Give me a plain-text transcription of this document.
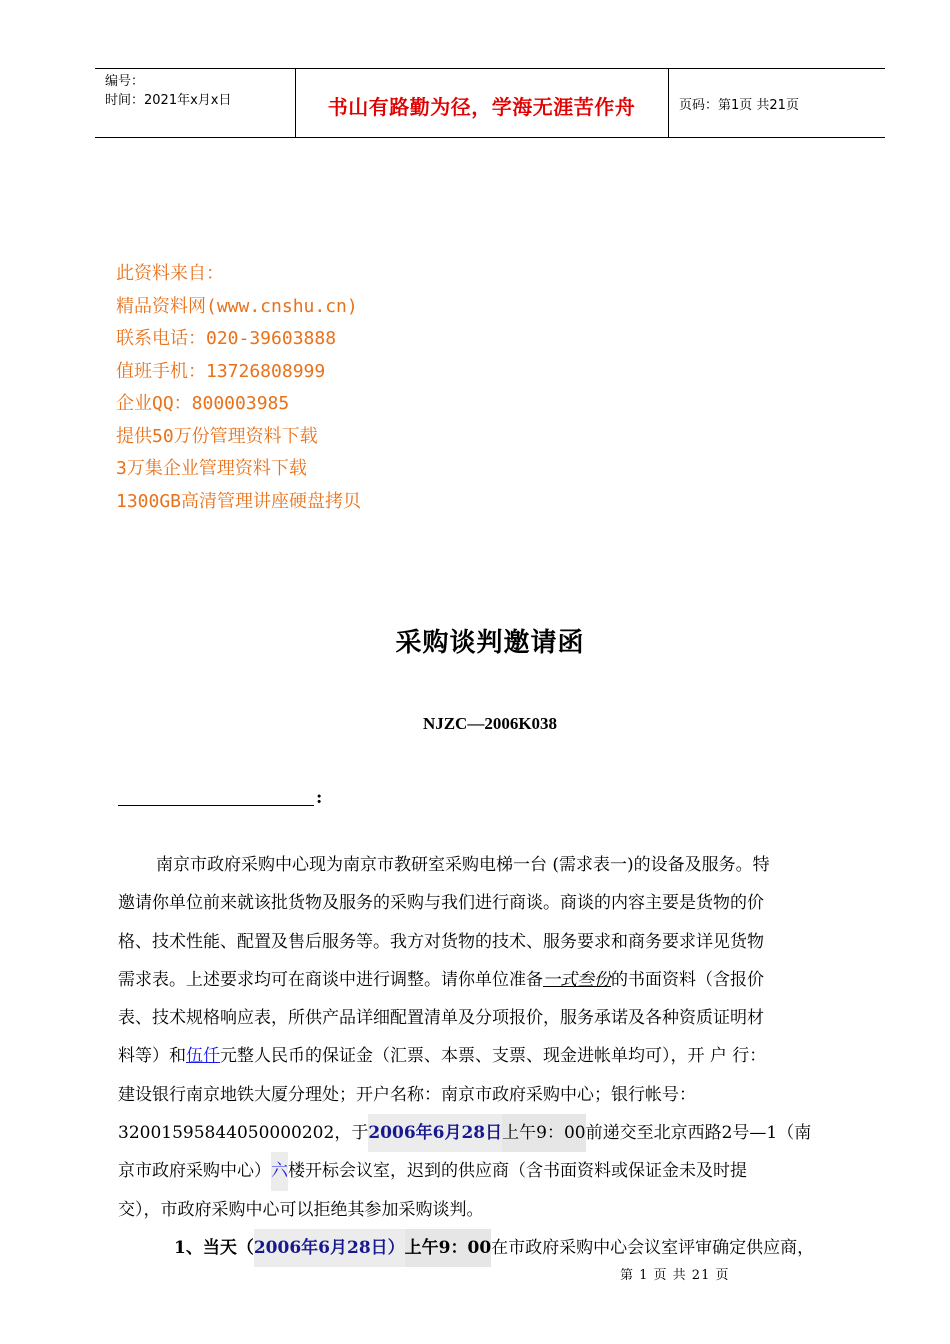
编号：
时间：2021年x月x日	书山有路勤为径，学海无涯苦作舟	页码：第1页 共21页
此资料来自：
精品资料网(www.cnshu.cn)
联系电话：020-39603888
值班手机：13726808999
企业QQ：800003985
提供50万份管理资料下载
3万集企业管理资料下载
1300GB高清管理讲座硬盘拷贝
采购谈判邀请函
NJZC—2006K038
:
南京市政府采购中心现为南京市教研室采购电梯一台 (需求表一)的设备及服务。特
邀请你单位前来就该批货物及服务的采购与我们进行商谈。商谈的内容主要是货物的价
格、技术性能、配置及售后服务等。我方对货物的技术、服务要求和商务要求详见货物
需求表。上述要求均可在商谈中进行调整。请你单位准备 一式叁份 的书面资料（含报价
表、技术规格响应表，所供产品详细配置清单及分项报价，服务承诺及各种资质证明材
料等）和 伍仟 元整人民币的保证金（汇票、本票、支票、现金进帐单均可），开 户 行：
建设银行南京地铁大厦分理处；开户名称：南京市政府采购中心；银行帐号：
32001595844050000202，于 2006年6月28日 上午9：00 前递交至北京西路2号—1（南
京市政府采购中心） 六 楼开标会议室，迟到的供应商（含书面资料或保证金未及时提
交），市政府采购中心可以拒绝其参加采购谈判。
1、当天（ 2006年6月28日） 上午9：00 在市政府采购中心会议室评审确定供应商，
第 1 页 共 21 页
